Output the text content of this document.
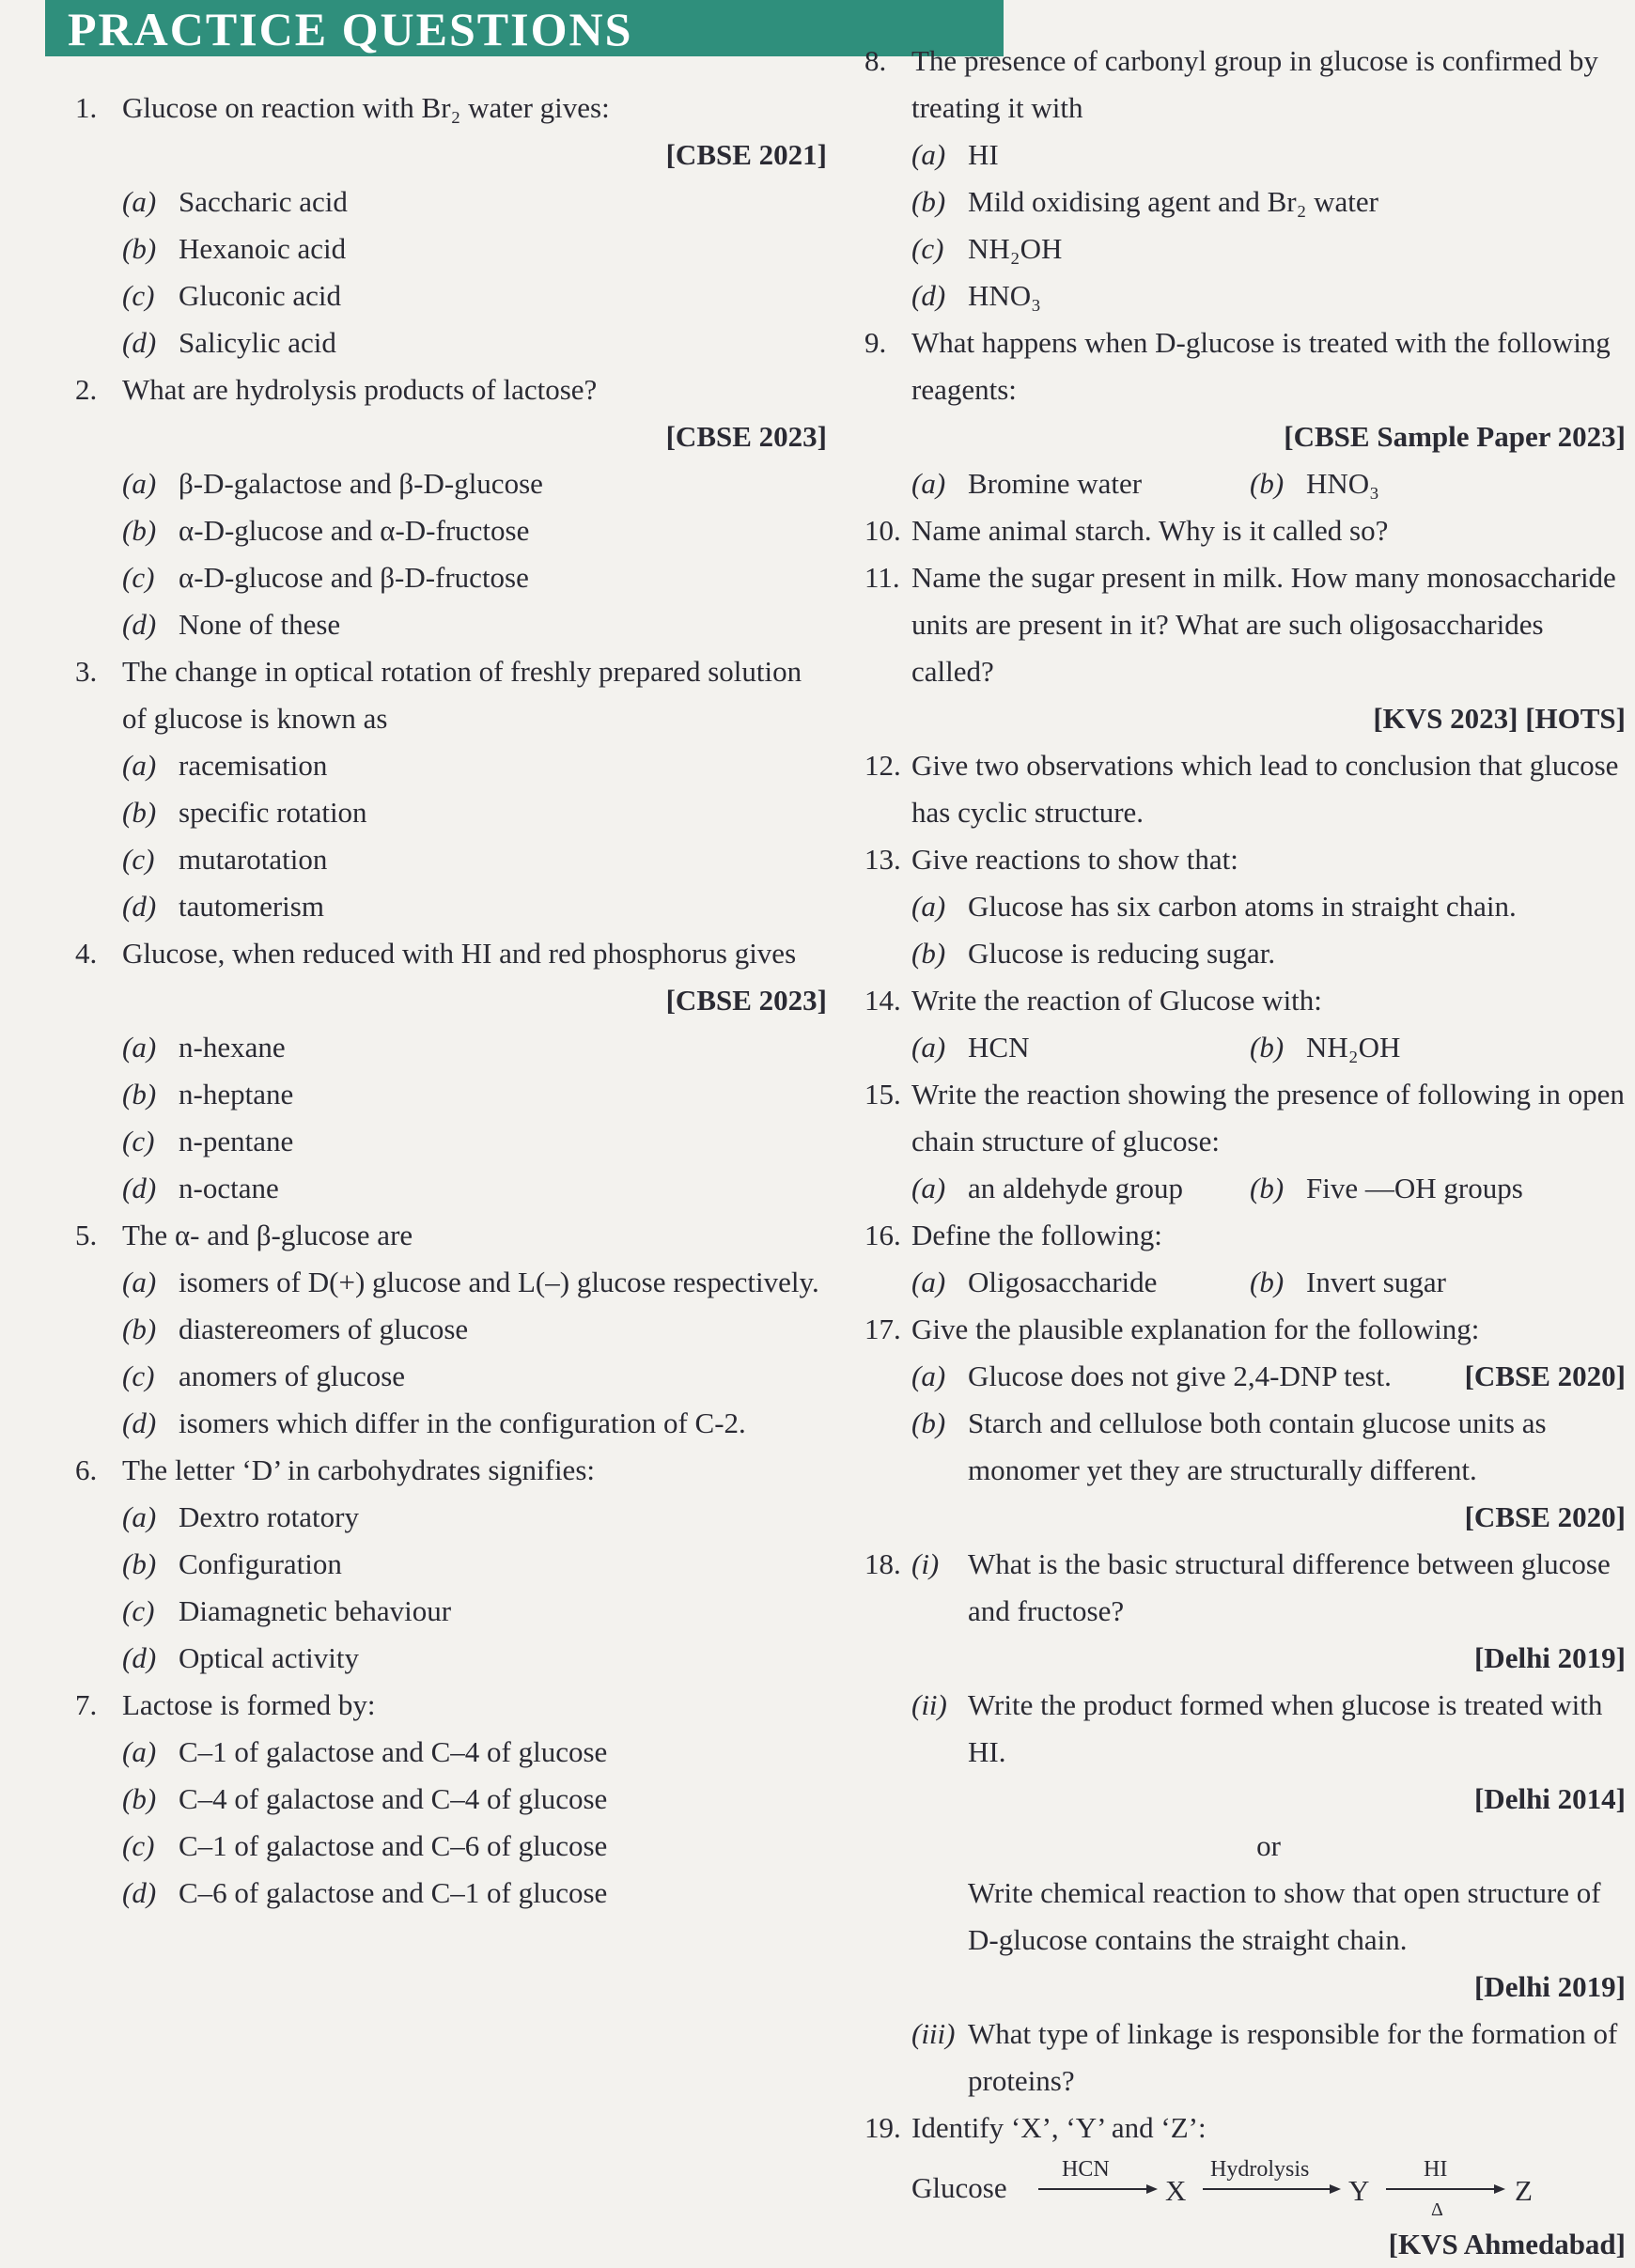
PRACTICE QUESTIONS
1. Glucose on reaction with Br₂ water gives:
[CBSE 2021]
(a) Saccharic acid
(b) Hexanoic acid
(c) Gluconic acid
(d) Salicylic acid
2. What are hydrolysis products of lactose?
[CBSE 2023]
(a) β-D-galactose and β-D-glucose
(b) α-D-glucose and α-D-fructose
(c) α-D-glucose and β-D-fructose
(d) None of these
3. The change in optical rotation of freshly prepared solution of glucose is known as
(a) racemisation
(b) specific rotation
(c) mutarotation
(d) tautomerism
4. Glucose, when reduced with HI and red phosphorus gives
[CBSE 2023]
(a) n-hexane
(b) n-heptane
(c) n-pentane
(d) n-octane
5. The α- and β-glucose are
(a) isomers of D(+) glucose and L(–) glucose respectively.
(b) diastereomers of glucose
(c) anomers of glucose
(d) isomers which differ in the configuration of C-2.
6. The letter ‘D’ in carbohydrates signifies:
(a) Dextro rotatory
(b) Configuration
(c) Diamagnetic behaviour
(d) Optical activity
7. Lactose is formed by:
(a) C–1 of galactose and C–4 of glucose
(b) C–4 of galactose and C–4 of glucose
(c) C–1 of galactose and C–6 of glucose
(d) C–6 of galactose and C–1 of glucose
8. The presence of carbonyl group in glucose is confirmed by treating it with
(a) HI
(b) Mild oxidising agent and Br₂ water
(c) NH₂OH
(d) HNO₃
9. What happens when D-glucose is treated with the following reagents:
[CBSE Sample Paper 2023]
(a) Bromine water	(b) HNO₃
10. Name animal starch. Why is it called so?
11. Name the sugar present in milk. How many monosaccharide units are present in it? What are such oligosaccharides called?
[KVS 2023] [HOTS]
12. Give two observations which lead to conclusion that glucose has cyclic structure.
13. Give reactions to show that:
(a) Glucose has six carbon atoms in straight chain.
(b) Glucose is reducing sugar.
14. Write the reaction of Glucose with:
(a) HCN	(b) NH₂OH
15. Write the reaction showing the presence of following in open chain structure of glucose:
(a) an aldehyde group (b) Five —OH groups
16. Define the following:
(a) Oligosaccharide	(b) Invert sugar
17. Give the plausible explanation for the following:
(a) Glucose does not give 2,4-DNP test.	[CBSE 2020]
(b) Starch and cellulose both contain glucose units as monomer yet they are structurally different.
[CBSE 2020]
18. (i) What is the basic structural difference between glucose and fructose?
[Delhi 2019]
(ii) Write the product formed when glucose is treated with HI.
[Delhi 2014]
or
Write chemical reaction to show that open structure of D-glucose contains the straight chain.
[Delhi 2019]
(iii) What type of linkage is responsible for the formation of proteins?
19. Identify ‘X’, ‘Y’ and ‘Z’:
Glucose
HCN
X
Hydrolysis
Y
HI
Δ
Z
[KVS Ahmedabad]
